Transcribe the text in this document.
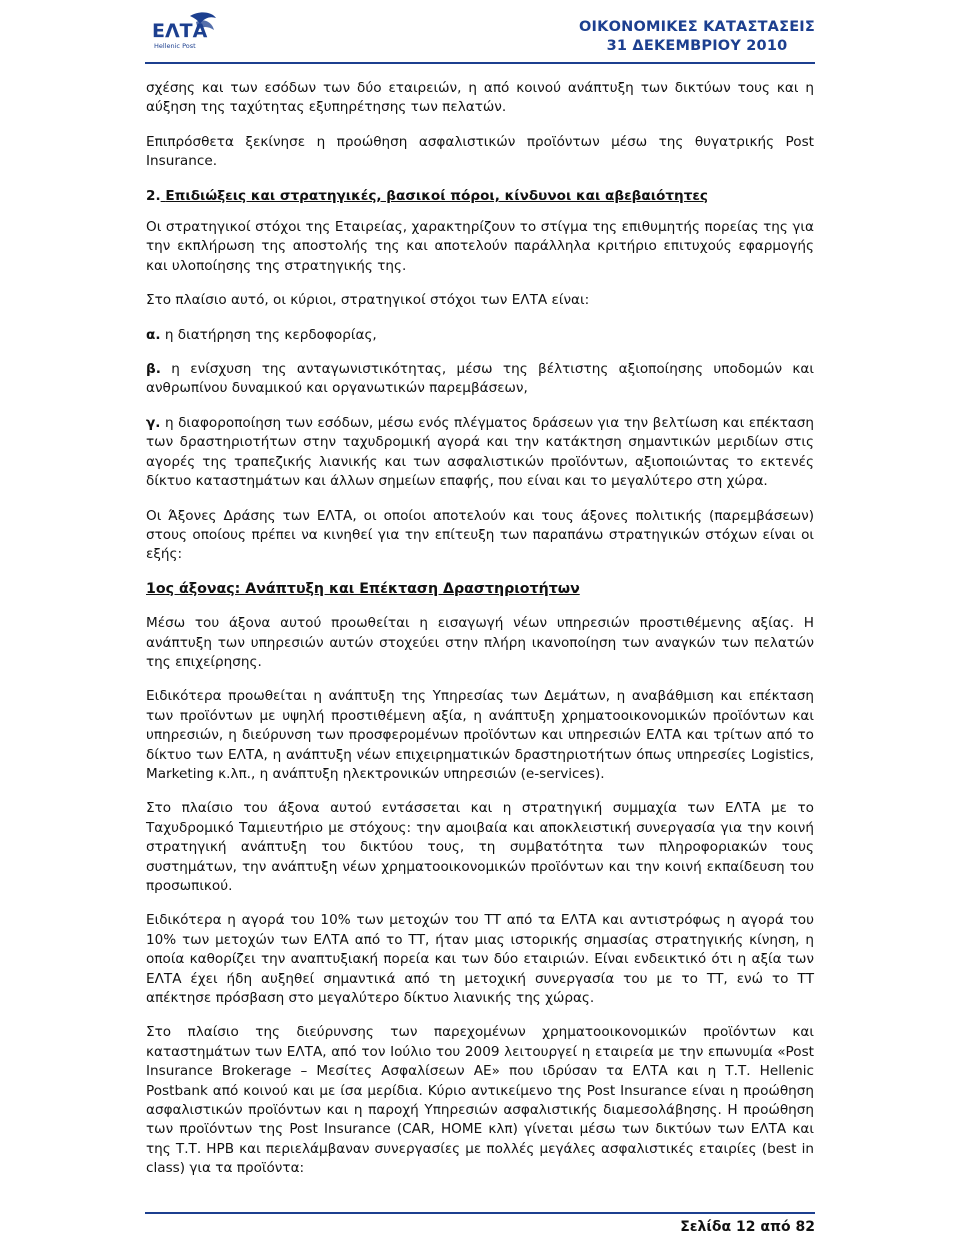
ΕΛΤΑ
Hellenic Post
ΟΙΚΟΝΟΜΙΚΕΣ ΚΑΤΑΣΤΑΣΕΙΣ
31 ΔΕΚΕΜΒΡΙΟΥ 2010

σχέσης και των εσόδων των δύο εταιρειών, η από κοινού ανάπτυξη των δικτύων τους και η αύξηση της ταχύτητας εξυπηρέτησης των πελατών.

Επιπρόσθετα ξεκίνησε η προώθηση ασφαλιστικών προϊόντων μέσω της θυγατρικής Post Insurance.

2. Επιδιώξεις και στρατηγικές, βασικοί πόροι, κίνδυνοι και αβεβαιότητες

Οι στρατηγικοί στόχοι της Εταιρείας, χαρακτηρίζουν το στίγμα της επιθυμητής πορείας της για την εκπλήρωση της αποστολής της και αποτελούν παράλληλα κριτήριο επιτυχούς εφαρμογής και υλοποίησης της στρατηγικής της.

Στο πλαίσιο αυτό, οι κύριοι, στρατηγικοί στόχοι των ΕΛΤΑ είναι:

α. η διατήρηση της κερδοφορίας,

β. η ενίσχυση της ανταγωνιστικότητας, μέσω της βέλτιστης αξιοποίησης υποδομών και ανθρωπίνου δυναμικού και οργανωτικών παρεμβάσεων,

γ. η διαφοροποίηση των εσόδων, μέσω ενός πλέγματος δράσεων για την βελτίωση και επέκταση των δραστηριοτήτων στην ταχυδρομική αγορά και την κατάκτηση σημαντικών μεριδίων στις αγορές της τραπεζικής λιανικής και των ασφαλιστικών προϊόντων, αξιοποιώντας το εκτενές δίκτυο καταστημάτων και άλλων σημείων επαφής, που είναι και το μεγαλύτερο στη χώρα.

Οι Άξονες Δράσης των ΕΛΤΑ, οι οποίοι αποτελούν και τους άξονες πολιτικής (παρεμβάσεων) στους οποίους πρέπει να κινηθεί για την επίτευξη των παραπάνω στρατηγικών στόχων είναι οι εξής:

1ος άξονας: Ανάπτυξη και Επέκταση Δραστηριοτήτων

Μέσω του άξονα αυτού προωθείται η εισαγωγή νέων υπηρεσιών προστιθέμενης αξίας. Η ανάπτυξη των υπηρεσιών αυτών στοχεύει στην πλήρη ικανοποίηση των αναγκών των πελατών της επιχείρησης.

Ειδικότερα προωθείται η ανάπτυξη της Υπηρεσίας των Δεμάτων, η αναβάθμιση και επέκταση των προϊόντων με υψηλή προστιθέμενη αξία, η ανάπτυξη χρηματοοικονομικών προϊόντων και υπηρεσιών, η διεύρυνση των προσφερομένων προϊόντων και υπηρεσιών ΕΛΤΑ και τρίτων από το δίκτυο των ΕΛΤΑ, η ανάπτυξη νέων επιχειρηματικών δραστηριοτήτων όπως υπηρεσίες Logistics, Marketing κ.λπ., η ανάπτυξη ηλεκτρονικών υπηρεσιών (e-services).

Στο πλαίσιο του άξονα αυτού εντάσσεται και η στρατηγική συμμαχία των ΕΛΤΑ με το Ταχυδρομικό Ταμιευτήριο με στόχους: την αμοιβαία και αποκλειστική συνεργασία για την κοινή στρατηγική ανάπτυξη του δικτύου τους, τη συμβατότητα των πληροφοριακών τους συστημάτων, την ανάπτυξη νέων χρηματοοικονομικών προϊόντων και την κοινή εκπαίδευση του προσωπικού.

Ειδικότερα η αγορά του 10% των μετοχών του ΤΤ από τα ΕΛΤΑ και αντιστρόφως η αγορά του 10% των μετοχών των ΕΛΤΑ από το ΤΤ, ήταν μιας ιστορικής σημασίας στρατηγικής κίνηση, η οποία καθορίζει την αναπτυξιακή πορεία και των δύο εταιριών. Είναι ενδεικτικό ότι η αξία των ΕΛΤΑ έχει ήδη αυξηθεί σημαντικά από τη μετοχική συνεργασία του με το ΤΤ, ενώ το ΤΤ απέκτησε πρόσβαση στο μεγαλύτερο δίκτυο λιανικής της χώρας.

Στο πλαίσιο της διεύρυνσης των παρεχομένων χρηματοοικονομικών προϊόντων και καταστημάτων των ΕΛΤΑ, από τον Ιούλιο του 2009 λειτουργεί η εταιρεία με την επωνυμία «Post Insurance Brokerage – Μεσίτες Ασφαλίσεων ΑΕ» που ιδρύσαν τα ΕΛΤΑ και η Τ.Τ. Hellenic Postbank από κοινού και με ίσα μερίδια. Κύριο αντικείμενο της Post Insurance είναι η προώθηση ασφαλιστικών προϊόντων και η παροχή Υπηρεσιών ασφαλιστικής διαμεσολάβησης. Η προώθηση των προϊόντων της Post Insurance (CAR, HOME κλπ) γίνεται μέσω των δικτύων των ΕΛΤΑ και της Τ.Τ. ΗΡΒ και περιελάμβαναν συνεργασίες με πολλές μεγάλες ασφαλιστικές εταιρίες (best in class) για τα προϊόντα:

Σελίδα 12 από 82
